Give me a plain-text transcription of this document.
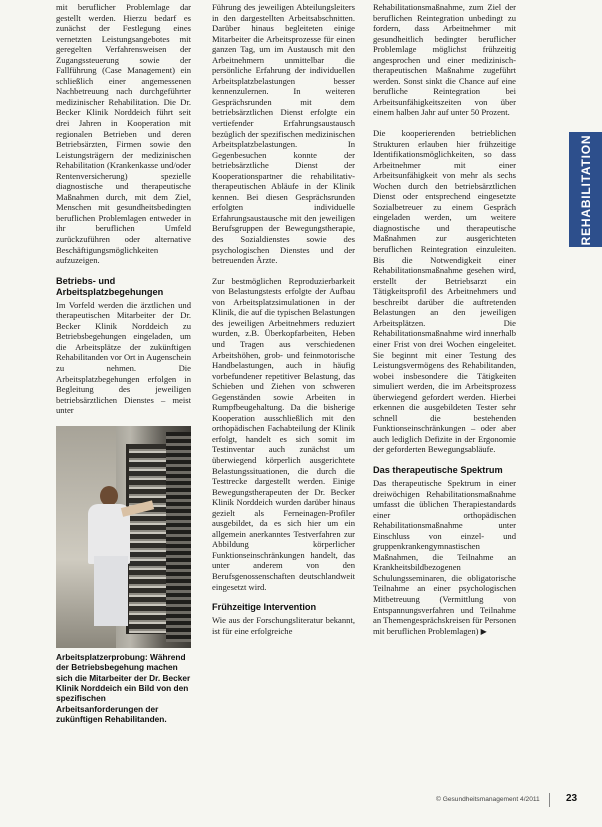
mit beruflicher Problemlage dar gestellt werden. Hierzu bedarf es zunächst der Festlegung eines vernetzten Leistungsangebotes mit geregelten Verfahrensweisen der Zugangssteuerung sowie der Fallführung (Case Management) ein schließlich einer angemessenen Nachbetreuung nach durchgeführter medizinischer Rehabilitation. Die Dr. Becker Klinik Norddeich führt seit drei Jahren in Kooperation mit regionalen Betrieben und deren Betriebsärzten, Firmen sowie den Leistungsträgern der medizinischen Rehabilitation (Krankenkasse und/oder Rentenversicherung) spezielle diagnostische und therapeutische Maßnahmen durch, mit dem Ziel, Menschen mit gesundheitsbedingten beruflichen Problemlagen entweder in ihr beruflichen Umfeld zurückzuführen oder alternative Beschäftigungsmöglichkeiten aufzuzeigen.

Betriebs- und Arbeitsplatzbegehungen

Im Vorfeld werden die ärztlichen und therapeutischen Mitarbeiter der Dr. Becker Klinik Norddeich zu Betriebsbegehungen eingeladen, um die Arbeitsplätze der zukünftigen Rehabilitanden vor Ort in Augenschein zu nehmen. Die Arbeitsplatzbegehungen erfolgen in Begleitung des jeweiligen betriebsärztlichen Dienstes – meist unter

Arbeitsplatzerprobung: Während der Betriebsbegehung machen sich die Mitarbeiter der Dr. Becker Klinik Norddeich ein Bild von den spezifischen Arbeitsanforderungen der zukünftigen Rehabilitanden.

Führung des jeweiligen Abteilungsleiters in den dargestellten Arbeitsabschnitten. Darüber hinaus begleiteten einige Mitarbeiter die Arbeitsprozesse für einen ganzen Tag, um im Austausch mit den Arbeitnehmern unmittelbar die persönliche Erfahrung der individuellen Arbeitsplatzbelastungen besser kennenzulernen. In weiteren Gesprächsrunden mit dem betriebsärztlichen Dienst erfolgte ein vertiefender Erfahrungsaustausch bezüglich der spezifischen medizinischen Arbeitsplatzbelastungen. In Gegenbesuchen konnte der betriebsärztliche Dienst der Kooperationspartner die rehabilitativ-therapeutischen Abläufe in der Klinik kennen. Bei diesen Gesprächsrunden erfolgten individuelle Erfahrungsaustausche mit den jeweiligen Berufsgruppen der Bewegungstherapie, des Sozialdienstes sowie des psychologischen Dienstes und der betreuenden Ärzte.

Zur bestmöglichen Reproduzierbarkeit von Belastungstests erfolgte der Aufbau von Arbeitsplatzsimulationen in der Klinik, die auf die typischen Belastungen des jeweiligen Arbeitnehmers reduziert wurden, z.B. Überkopfarbeiten, Heben und Tragen aus verschiedenen Arbeitshöhen, grob- und feinmotorische Handbelastungen, auch in häufig vorbefundener repetitiver Belastung, das Schieben und Ziehen von schweren Gegenständen sowie Arbeiten in Rumpfbeugehaltung. Da die bisherige Kooperation ausschließlich mit den orthopädischen Fachabteilung der Klinik erfolgt, handelt es sich somit im Testinventar auch zunächst um überwiegend körperlich ausgerichtete Belastungssituationen, die durch die Testtrecke dargestellt werden. Einige Bewegungstherapeuten der Dr. Becker Klinik Norddeich wurden darüber hinaus gezielt als Ferneinagen-Profiler ausgebildet, da es sich hier um ein allgemein anerkanntes Testverfahren zur Abbildung körperlicher Funktionseinschränkungen handelt, das unter anderem von den Berufsgenossenschaften deutschlandweit eingesetzt wird.

Frühzeitige Intervention

Wie aus der Forschungsliteratur bekannt, ist für eine erfolgreiche

Rehabilitationsmaßnahme, zum Ziel der beruflichen Reintegration unbedingt zu fordern, dass Arbeitnehmer mit gesundheitlich bedingter beruflicher Problemlage möglichst frühzeitig angesprochen und einer medizinisch-therapeutischen Maßnahme zugeführt werden. Sonst sinkt die Chance auf eine berufliche Reintegration bei Arbeitsunfähigkeitszeiten von über einem halben Jahr auf unter 50 Prozent.

Die kooperierenden betrieblichen Strukturen erlauben hier frühzeitige Identifikationsmöglichkeiten, so dass Arbeitnehmer mit einer Arbeitsunfähigkeit von mehr als sechs Wochen durch den betriebsärztlichen Dienst oder entsprechend eingesetzte Sozialbetreuer zu einem Gespräch eingeladen werden, um weitere diagnostische und therapeutische Maßnahmen zur ausgerichteten beruflichen Reintegration einzuleiten. Bis die Notwendigkeit einer Rehabilitationsmaßnahme gesehen wird, erstellt der Betriebsarzt ein Tätigkeitsprofil des Arbeitnehmers und beschreibt darüber die auftretenden Belastungen an den jeweiligen Arbeitsplätzen. Die Rehabilitationsmaßnahme wird innerhalb einer Frist von drei Wochen eingeleitet. Sie beginnt mit einer Testung des Leistungsvermögens des Rehabilitanden, wobei insbesondere die Tätigkeiten simuliert werden, die im Arbeitsprozess überwiegend gefordert werden. Hierbei erkennen die ausgebildeten Tester sehr schnell die bestehenden Funktionseinschränkungen – oder aber auch lediglich Defizite in der Ergonomie der geforderten Bewegungsabläufe.

Das therapeutische Spektrum

Das therapeutische Spektrum in einer dreiwöchigen Rehabilitationsmaßnahme umfasst die üblichen Therapiestandards einer orthopädischen Rehabilitationsmaßnahme unter Einschluss von einzel- und gruppenkrankengymnastischen Maßnahmen, die Teilnahme an Krankheitsbildbezogenen Schulungsseminaren, die obligatorische Teilnahme an einer psychologischen Mitbetreuung (Vermittlung von Entspannungsverfahren und Teilnahme an Themengesprächskreisen für Personen mit beruflichen Problemlagen) ▶

REHABILITATION
© Gesundheitsmanagement 4/2011	23
